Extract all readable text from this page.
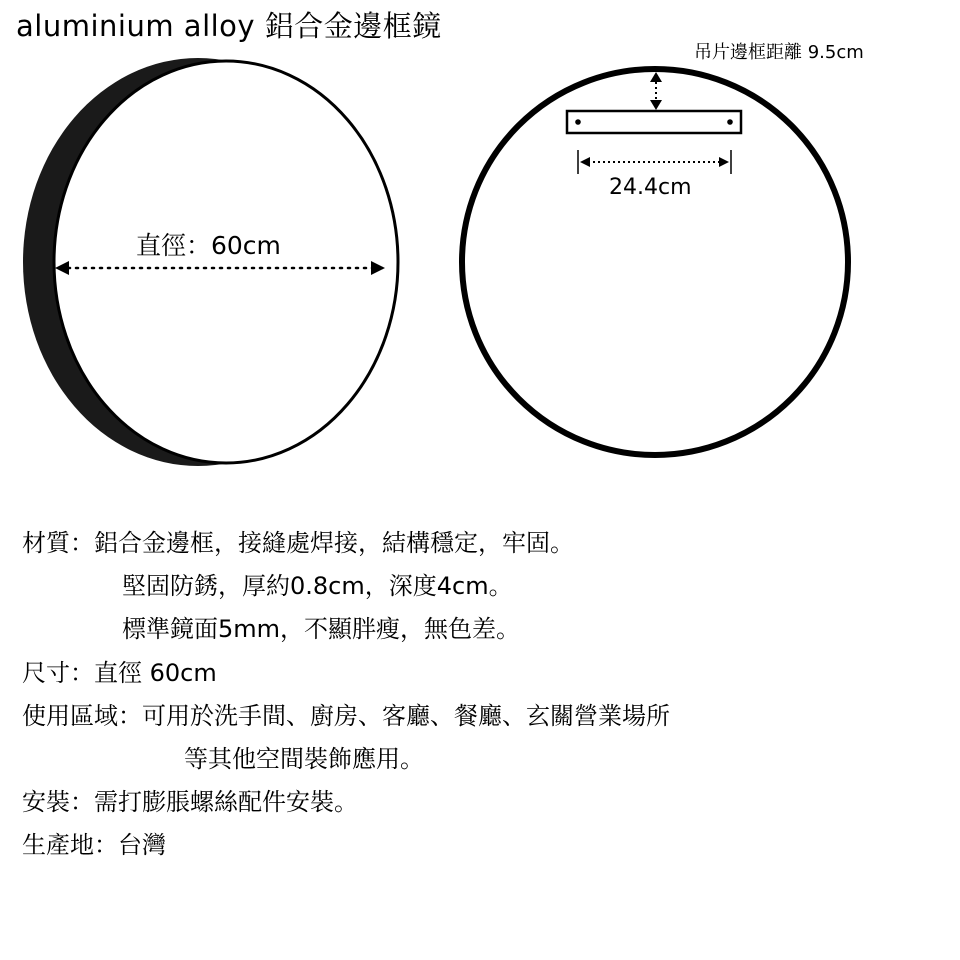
aluminium alloy 鋁合金邊框鏡
吊片邊框距離 9.5cm
直徑：60cm
24.4cm
材質：鋁合金邊框，接縫處焊接，結構穩定，牢固。
堅固防銹，厚約0.8cm，深度4cm。
標準鏡面5mm，不顯胖瘦，無色差。
尺寸：直徑 60cm
使用區域：可用於洗手間、廚房、客廳、餐廳、玄關營業場所
等其他空間裝飾應用。
安裝：需打膨脹螺絲配件安裝。
生產地：台灣
